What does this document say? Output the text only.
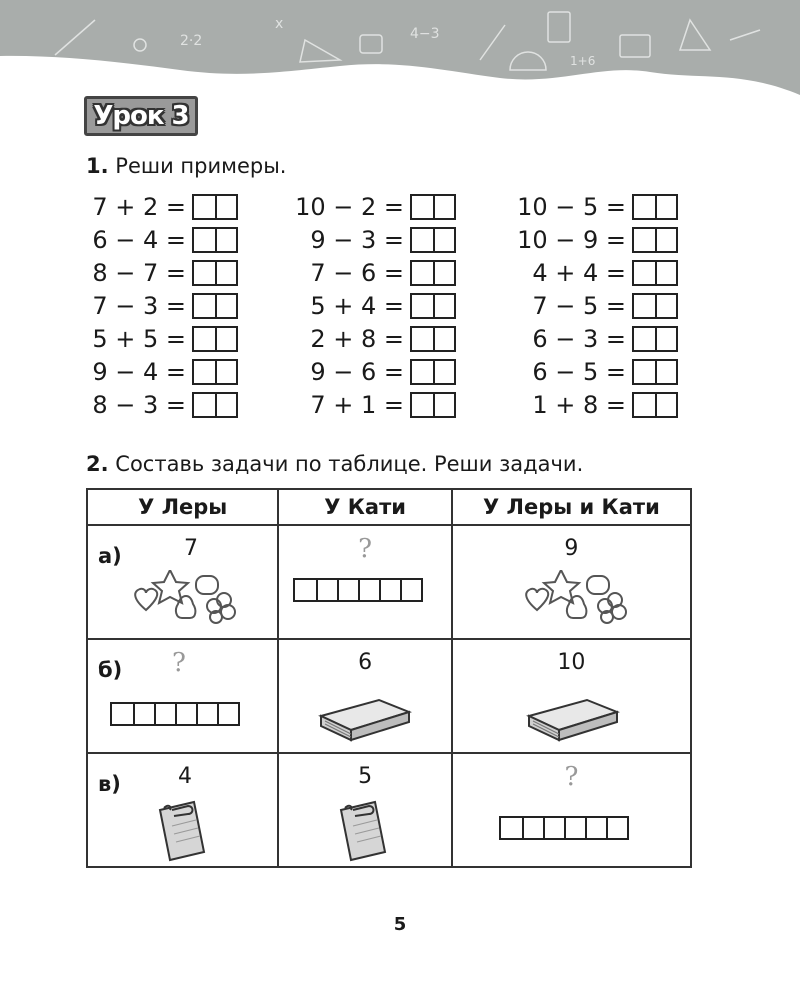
2·2
x
4−3
1+6
Урок 3
1. Реши примеры.
7 + 2 =
6 − 4 =
8 − 7 =
7 − 3 =
5 + 5 =
9 − 4 =
8 − 3 =
10 − 2 =
9 − 3 =
7 − 6 =
5 + 4 =
2 + 8 =
9 − 6 =
7 + 1 =
10 − 5 =
10 − 9 =
4 + 4 =
7 − 5 =
6 − 3 =
6 − 5 =
1 + 8 =
2. Составь задачи по таблице. Реши задачи.
У Леры	У Кати	У Леры и Кати

а) 7	?	9

б) ?	6	10

в) 4	5	?
5
